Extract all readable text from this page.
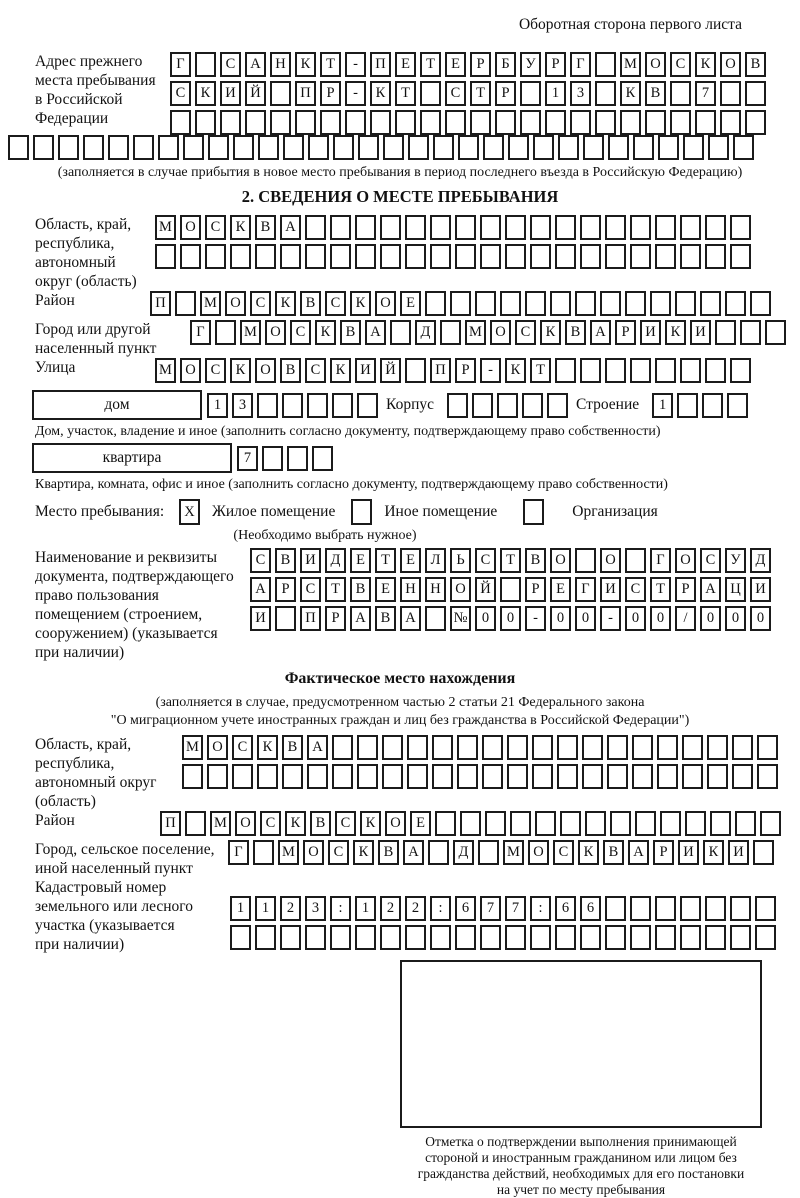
Оборотная сторона первого листа
Адрес прежнего
места пребывания
в Российской
Федерации
Г	С	А	Н	К	Т	-	П	Е	Т	Е	Р	Б	У	Р	Г	М О	С	К	О	В
С	К	И	Й	П	Р	-	К	Т	С	Т	Р	1	3	К	В	7
(заполняется в случае прибытия в новое место пребывания в период последнего въезда в Российскую Федерацию)
2. СВЕДЕНИЯ О МЕСТЕ ПРЕБЫВАНИЯ
Область, край,
республика,
автономный
округ (область)
М О	С	К	В	А
Район	П	М О	С	К	В	С	К	О	Е
Город или другой
населенный пункт
Г	М О	С	К	В	А	Д	М О	С	К	В	А	Р	И	К	И
Улица	М О	С	К	О	В	С	К	И	Й	П	Р	-	К	Т
дом	1	3	Корпус	Строение	1
Дом, участок, владение и иное (заполнить согласно документу, подтверждающему право собственности)
квартира	7
Квартира, комната, офис и иное (заполнить согласно документу, подтверждающему право собственности)
Место пребывания:	X	Жилое помещение	Иное помещение	Организация
(Необходимо выбрать нужное)
Наименование и реквизиты
документа, подтверждающего
право пользования
помещением (строением,
сооружением) (указывается
при наличии)
С	В	И	Д	Е	Т	Е	Л	Ь	С	Т	В	О	О	Г	О	С	У	Д
А	Р	С	Т	В	Е	Н	Н	О	Й	Р	Е	Г	И	С	Т	Р	А	Ц	И
И	П	Р	А	В	А	№ 0	0	-	0	0	-	0	0	/	0	0	0
Фактическое место нахождения
(заполняется в случае, предусмотренном частью 2 статьи 21 Федерального закона
"О миграционном учете иностранных граждан и лиц без гражданства в Российской Федерации")
Область, край,
республика,
автономный округ
(область)
М О	С	К	В	А
Район	П	М О	С	К	В	С	К	О	Е
Город, сельское поселение,
иной населенный пункт
Г	М О	С	К	В	А	Д	М О	С	К	В	А	Р	И	К	И
Кадастровый номер
земельного или лесного
участка (указывается
при наличии)
1	1	2	3	:	1	2	2	:	6	7	7	:	6	6
Отметка о подтверждении выполнения принимающей
стороной и иностранным гражданином или лицом без
гражданства действий, необходимых для его постановки
на учет по месту пребывания
